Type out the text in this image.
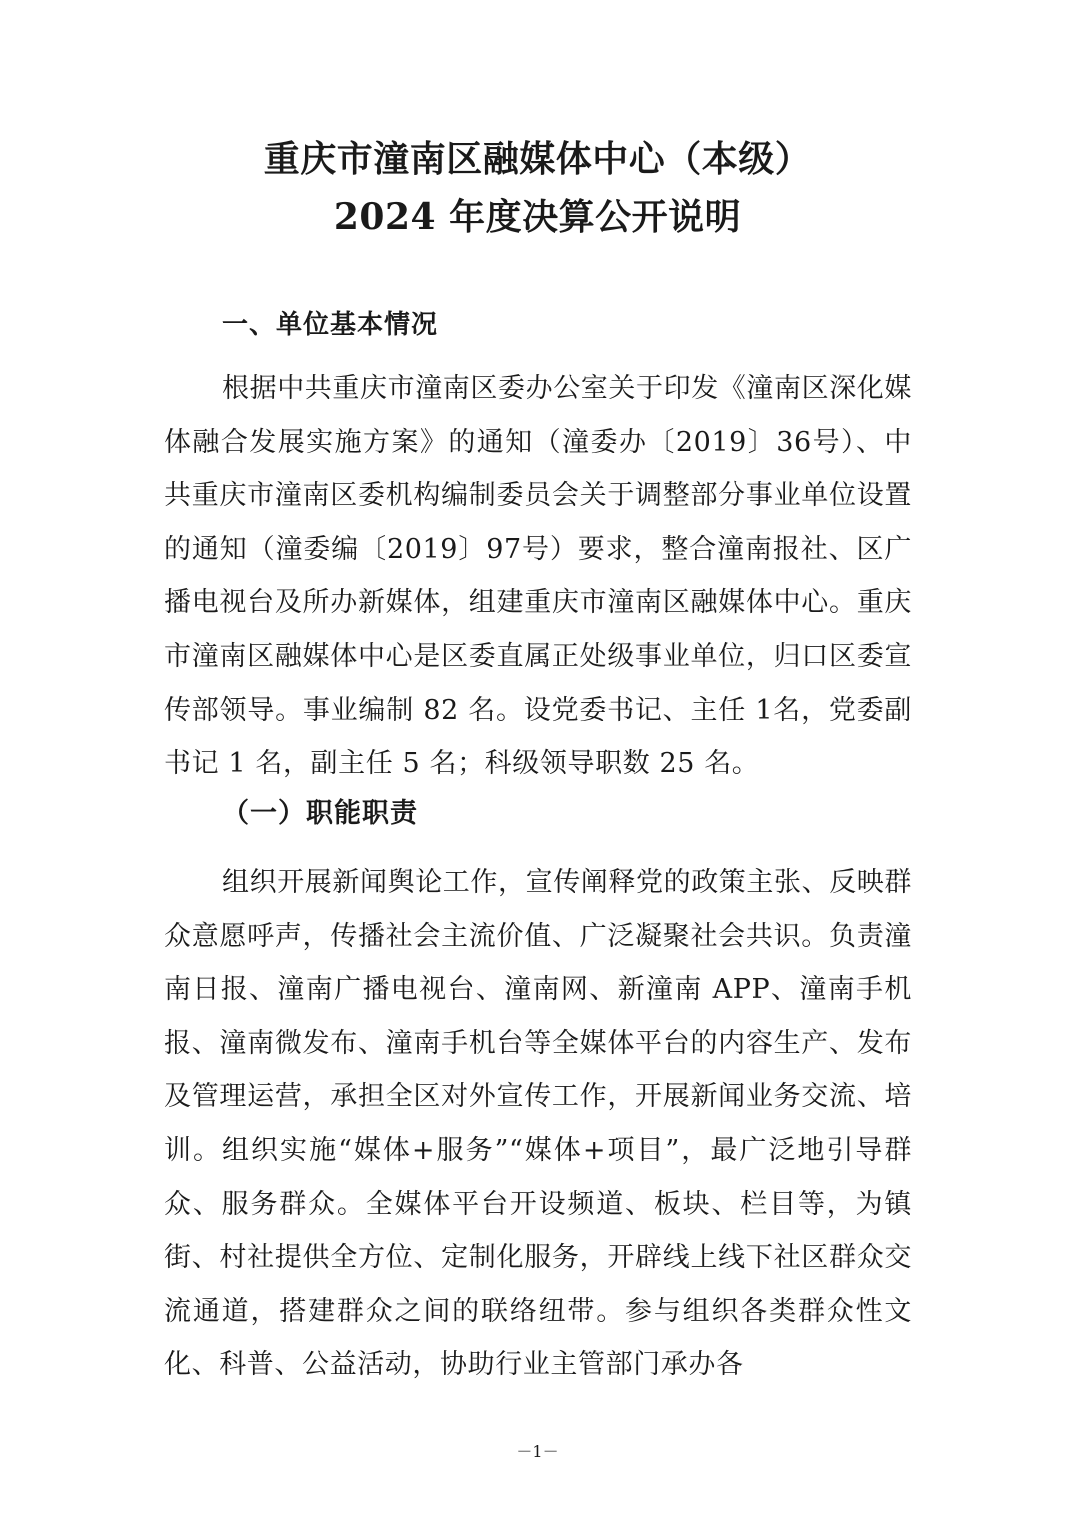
重庆市潼南区融媒体中心（本级）
2024 年度决算公开说明
一、单位基本情况

根据中共重庆市潼南区委办公室关于印发《潼南区深化媒体融合发展实施方案》的通知（潼委办〔2019〕36号）、中共重庆市潼南区委机构编制委员会关于调整部分事业单位设置的通知（潼委编〔2019〕97号）要求，整合潼南报社、区广播电视台及所办新媒体，组建重庆市潼南区融媒体中心。重庆市潼南区融媒体中心是区委直属正处级事业单位，归口区委宣传部领导。事业编制 82 名。设党委书记、主任 1名，党委副书记 1 名，副主任 5 名；科级领导职数 25 名。

（一）职能职责

组织开展新闻舆论工作，宣传阐释党的政策主张、反映群众意愿呼声，传播社会主流价值、广泛凝聚社会共识。负责潼南日报、潼南广播电视台、潼南网、新潼南 APP、潼南手机报、潼南微发布、潼南手机台等全媒体平台的内容生产、发布及管理运营，承担全区对外宣传工作，开展新闻业务交流、培训。组织实施“媒体+服务”“媒体+项目”，最广泛地引导群众、服务群众。全媒体平台开设频道、板块、栏目等，为镇街、村社提供全方位、定制化服务，开辟线上线下社区群众交流通道，搭建群众之间的联络纽带。参与组织各类群众性文化、科普、公益活动，协助行业主管部门承办各

－1－
